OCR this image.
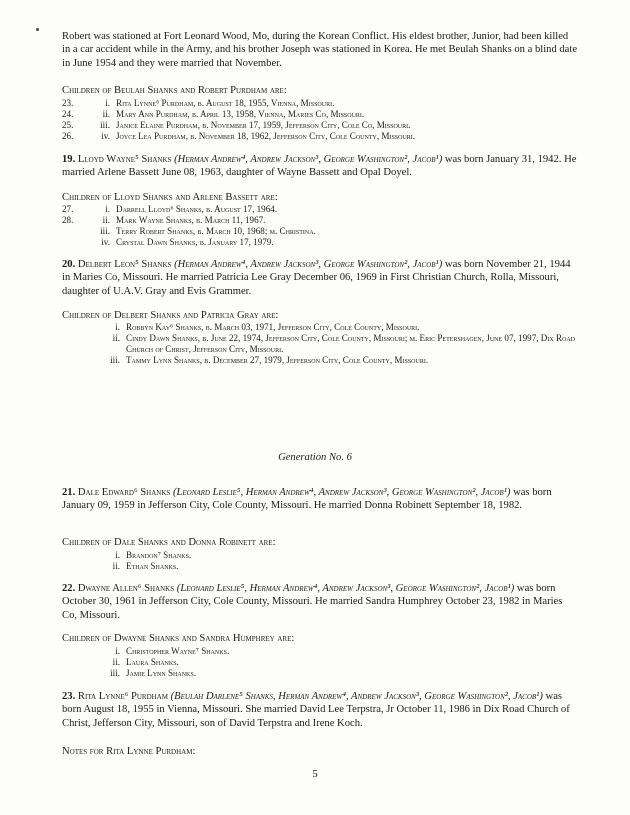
Robert was stationed at Fort Leonard Wood, Mo, during the Korean Conflict. His eldest brother, Junior, had been killed in a car accident while in the Army, and his brother Joseph was stationed in Korea. He met Beulah Shanks on a blind date in June 1954 and they were married that November.

Children of Beulah Shanks and Robert Purdham are:

23.	i. Rita Lynne⁶ Purdham, b. August 18, 1955, Vienna, Missouri.
24.	ii. Mary Ann Purdham, b. April 13, 1958, Vienna, Maries Co, Missouri.
25.	iii. Janice Elaine Purdham, b. November 17, 1959, Jefferson City, Cole Co, Missouri.
26.	iv. Joyce Lea Purdham, b. November 18, 1962, Jefferson City, Cole County, Missouri.

19. Lloyd Wayne⁵ Shanks (Herman Andrew⁴, Andrew Jackson³, George Washington², Jacob¹) was born January 31, 1942. He married Arlene Bassett June 08, 1963, daughter of Wayne Bassett and Opal Doyel.

Children of Lloyd Shanks and Arlene Bassett are:

27.	i. Darrell Lloyd⁶ Shanks, b. August 17, 1964.
28.	ii. Mark Wayne Shanks, b. March 11, 1967.
iii. Terry Robert Shanks, b. March 10, 1968; m. Christina.
iv. Crystal Dawn Shanks, b. January 17, 1979.

20. Delbert Leon⁵ Shanks (Herman Andrew⁴, Andrew Jackson³, George Washington², Jacob¹) was born November 21, 1944 in Maries Co, Missouri. He married Patricia Lee Gray December 06, 1969 in First Christian Church, Rolla, Missouri, daughter of U.A.V. Gray and Evis Grammer.

Children of Delbert Shanks and Patricia Gray are:

i. Robbyn Kay⁶ Shanks, b. March 03, 1971, Jefferson City, Cole County, Missouri.
ii. Cindy Dawn Shanks, b. June 22, 1974, Jefferson City, Cole County, Missouri; m. Eric Petershagen, June 07, 1997, Dix Road Church of Christ, Jefferson City, Missouri.
iii. Tammy Lynn Shanks, b. December 27, 1979, Jefferson City, Cole County, Missouri.
Generation No. 6

21. Dale Edward⁶ Shanks (Leonard Leslie⁵, Herman Andrew⁴, Andrew Jackson³, George Washington², Jacob¹) was born January 09, 1959 in Jefferson City, Cole County, Missouri. He married Donna Robinett September 18, 1982.

Children of Dale Shanks and Donna Robinett are:

i. Brandon⁷ Shanks.
ii. Ethan Shanks.

22. Dwayne Allen⁶ Shanks (Leonard Leslie⁵, Herman Andrew⁴, Andrew Jackson³, George Washington², Jacob¹) was born October 30, 1961 in Jefferson City, Cole County, Missouri. He married Sandra Humphrey October 23, 1982 in Maries Co, Missouri.

Children of Dwayne Shanks and Sandra Humphrey are:

i. Christopher Wayne⁷ Shanks.
ii. Laura Shanks.
iii. Jamie Lynn Shanks.

23. Rita Lynne⁶ Purdham (Beulah Darlene⁵ Shanks, Herman Andrew⁴, Andrew Jackson³, George Washington², Jacob¹) was born August 18, 1955 in Vienna, Missouri. She married David Lee Terpstra, Jr October 11, 1986 in Dix Road Church of Christ, Jefferson City, Missouri, son of David Terpstra and Irene Koch.

Notes for Rita Lynne Purdham:

5
